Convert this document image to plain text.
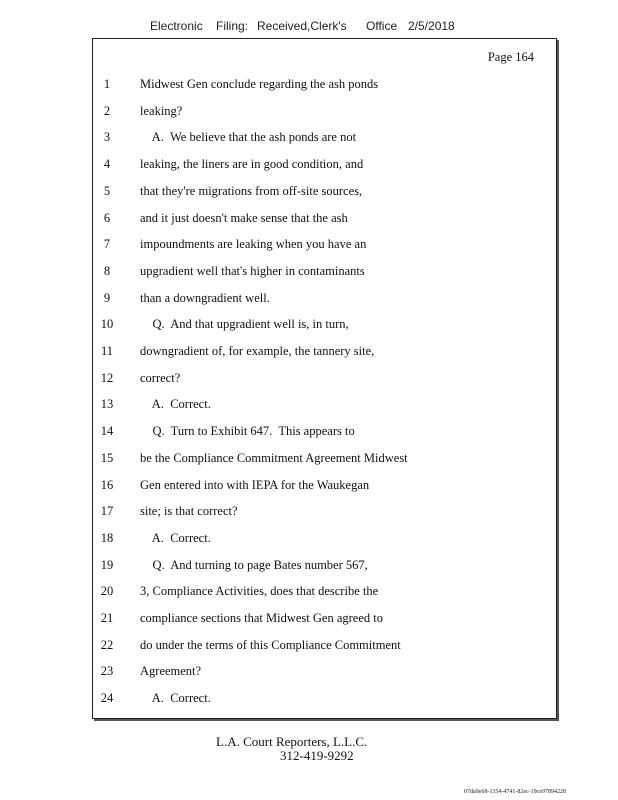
Electronic Filing: Received,Clerk's Office 2/5/2018
Page 164
1	Midwest Gen conclude regarding the ash ponds
2	leaking?
3	A.  We believe that the ash ponds are not
4	leaking, the liners are in good condition, and
5	that they're migrations from off-site sources,
6	and it just doesn't make sense that the ash
7	impoundments are leaking when you have an
8	upgradient well that's higher in contaminants
9	than a downgradient well.
10	Q.  And that upgradient well is, in turn,
11	downgradient of, for example, the tannery site,
12	correct?
13	A.  Correct.
14	Q.  Turn to Exhibit 647.  This appears to
15	be the Compliance Commitment Agreement Midwest
16	Gen entered into with IEPA for the Waukegan
17	site; is that correct?
18	A.  Correct.
19	Q.  And turning to page Bates number 567,
20	3, Compliance Activities, does that describe the
21	compliance sections that Midwest Gen agreed to
22	do under the terms of this Compliance Commitment
23	Agreement?
24	A.  Correct.
L.A. Court Reporters, L.L.C.
312-419-9292
07da9e68-1354-4741-82ec-19ce97894228
